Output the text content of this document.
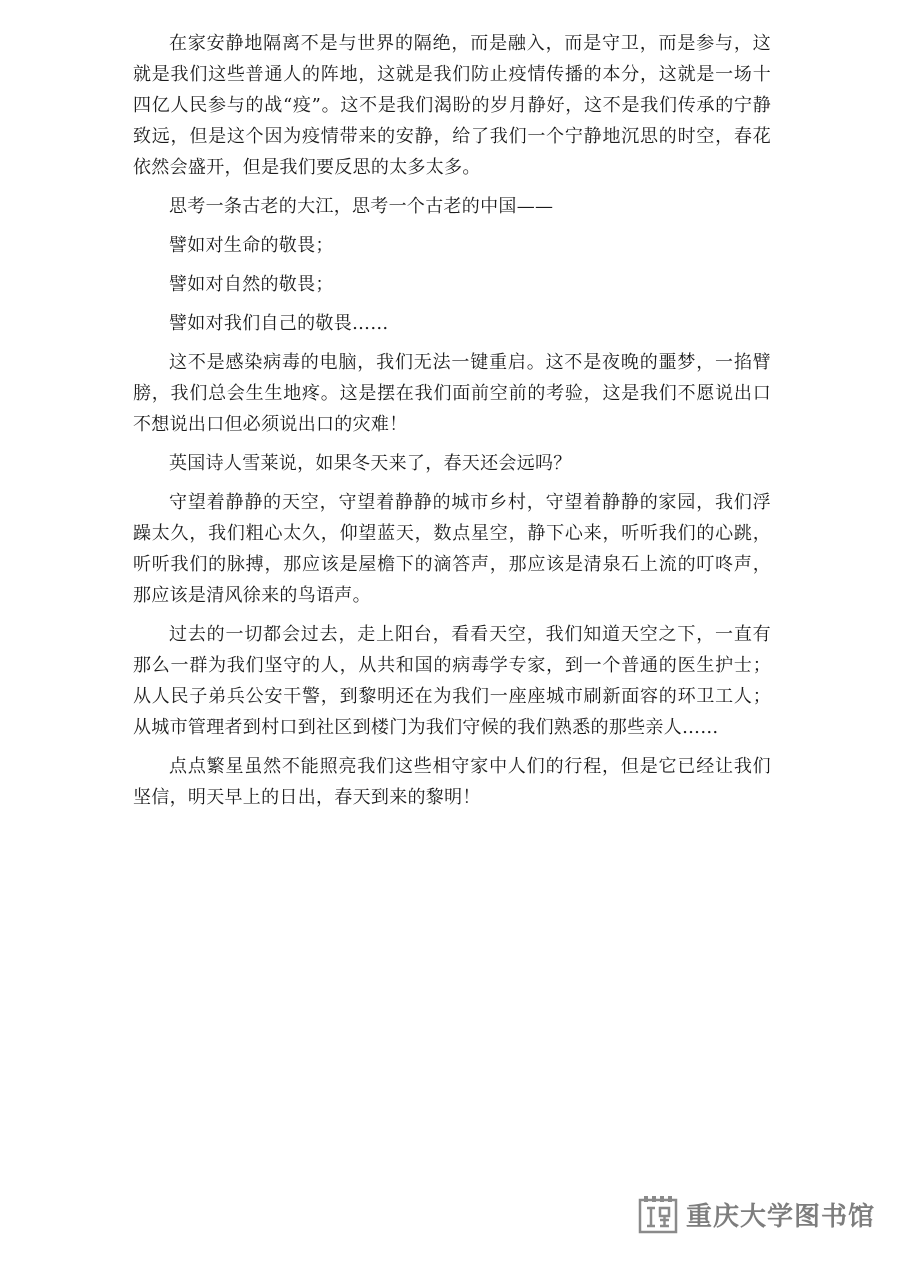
在家安静地隔离不是与世界的隔绝，而是融入，而是守卫，而是参与，这就是我们这些普通人的阵地，这就是我们防止疫情传播的本分，这就是一场十四亿人民参与的战“疫”。这不是我们渴盼的岁月静好，这不是我们传承的宁静致远，但是这个因为疫情带来的安静，给了我们一个宁静地沉思的时空，春花依然会盛开，但是我们要反思的太多太多。

思考一条古老的大江，思考一个古老的中国——

譬如对生命的敬畏；

譬如对自然的敬畏；

譬如对我们自己的敬畏……

这不是感染病毒的电脑，我们无法一键重启。这不是夜晚的噩梦，一掐臂膀，我们总会生生地疼。这是摆在我们面前空前的考验，这是我们不愿说出口不想说出口但必须说出口的灾难！

英国诗人雪莱说，如果冬天来了，春天还会远吗？

守望着静静的天空，守望着静静的城市乡村，守望着静静的家园，我们浮躁太久，我们粗心太久，仰望蓝天，数点星空，静下心来，听听我们的心跳，听听我们的脉搏，那应该是屋檐下的滴答声，那应该是清泉石上流的叮咚声，那应该是清风徐来的鸟语声。

过去的一切都会过去，走上阳台，看看天空，我们知道天空之下，一直有那么一群为我们坚守的人，从共和国的病毒学专家，到一个普通的医生护士；从人民子弟兵公安干警，到黎明还在为我们一座座城市刷新面容的环卫工人；从城市管理者到村口到社区到楼门为我们守候的我们熟悉的那些亲人……

点点繁星虽然不能照亮我们这些相守家中人们的行程，但是它已经让我们坚信，明天早上的日出，春天到来的黎明！

重庆大学图书馆
